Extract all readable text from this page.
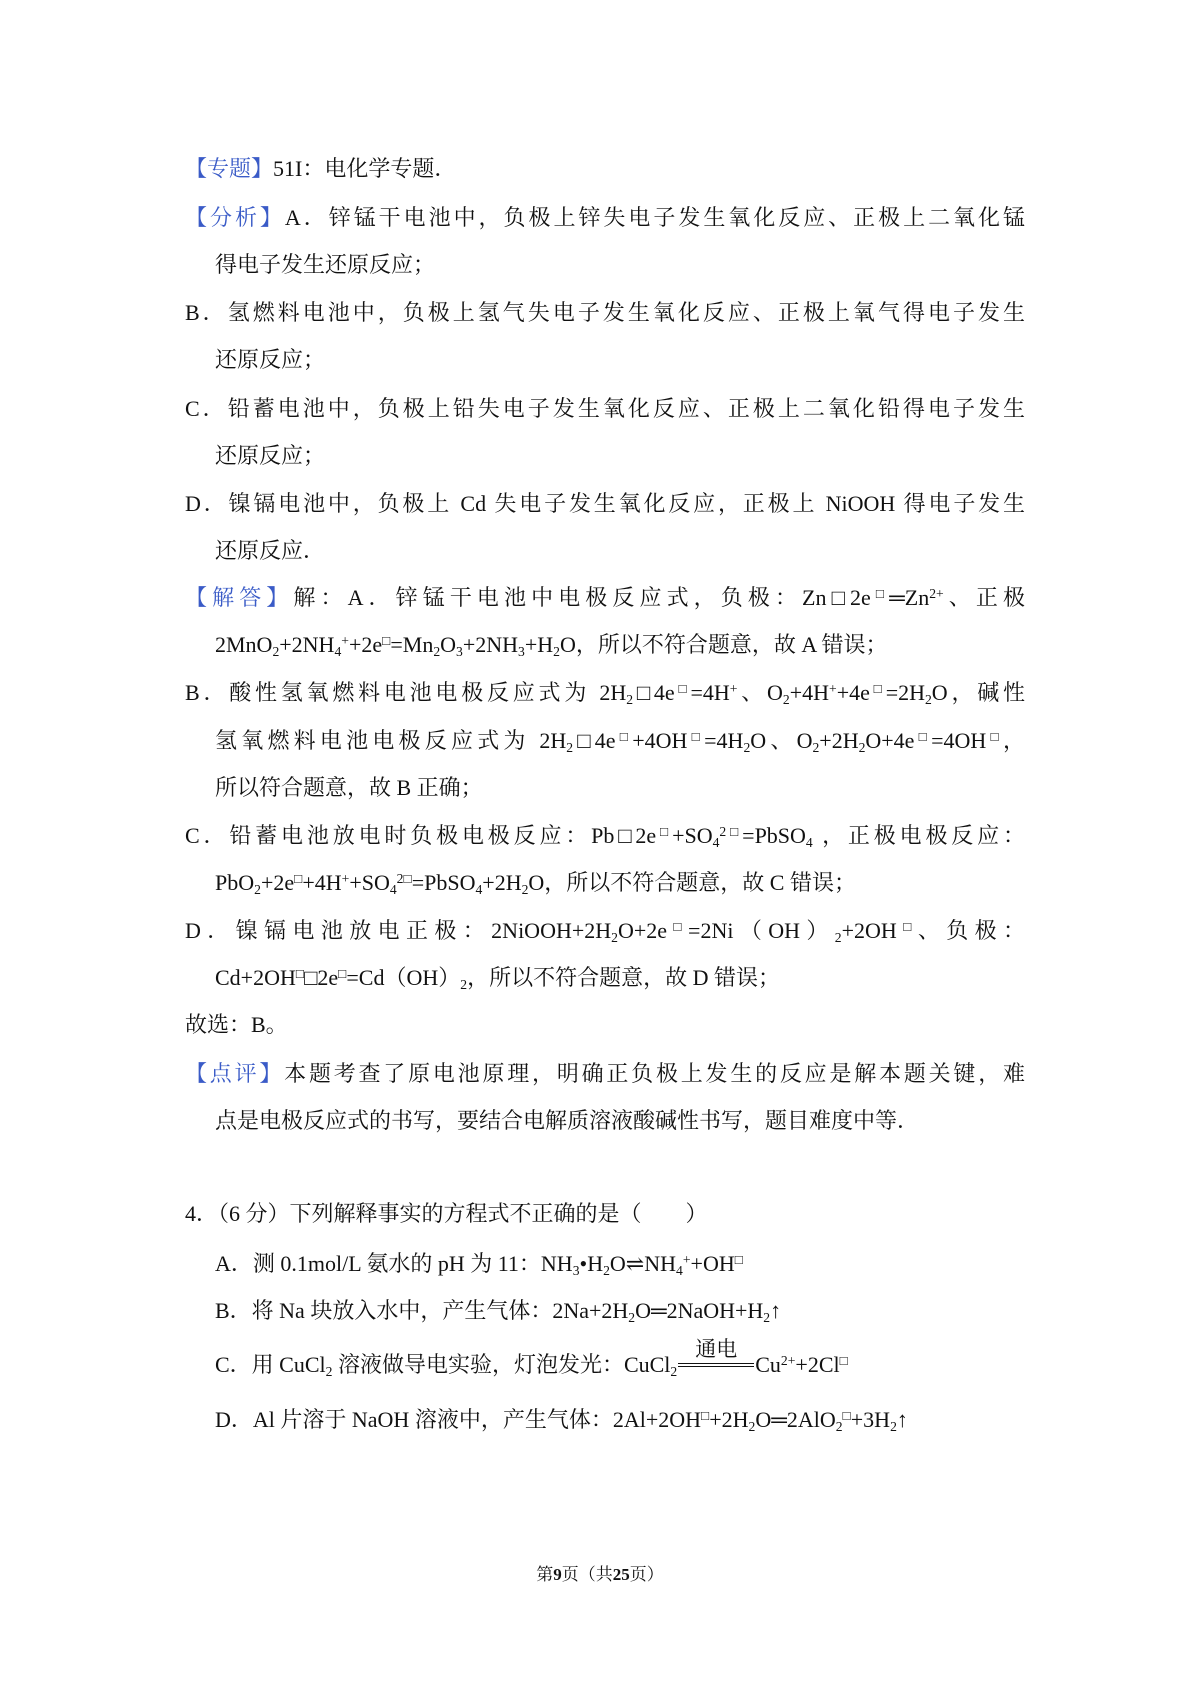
【专题】51I：电化学专题．
【分析】A．锌锰干电池中，负极上锌失电子发生氧化反应、正极上二氧化锰
得电子发生还原反应；
B．氢燃料电池中，负极上氢气失电子发生氧化反应、正极上氧气得电子发生
还原反应；
C．铅蓄电池中，负极上铅失电子发生氧化反应、正极上二氧化铅得电子发生
还原反应；
D．镍镉电池中，负极上 Cd 失电子发生氧化反应，正极上 NiOOH 得电子发生
还原反应．
【解答】解：A．锌锰干电池中电极反应式，负极：$Zn□2e^□═Zn^{2+}$、正极
$2MnO_2+2NH_4^++2e^□=Mn_2O_3+2NH_3+H_2O$，所以不符合题意，故 A 错误；
B．酸性氢氧燃料电池电极反应式为 $2H_2□4e^□=4H^+$、$O_2+4H^++4e^□=2H_2O$，碱性
氢氧燃料电池电极反应式为 $2H_2□4e^□+4OH^□=4H_2O$、$O_2+2H_2O+4e^□=4OH^□$，
所以符合题意，故 B 正确；
C．铅蓄电池放电时负极电极反应：$Pb□2e^□+SO_4^{2□}=PbSO_4$ ，正极电极反应：
$PbO_2+2e^□+4H^++SO_4^{2□}=PbSO_4+2H_2O$，所以不符合题意，故 C 错误；
D．镍镉电池放电正极：$2NiOOH+2H_2O+2e^□=2Ni(OH)_2+2OH^□$、负极：
$Cd+2OH^□□2e^□=Cd(OH)_2$，所以不符合题意，故 D 错误；
故选：B。
【点评】本题考查了原电池原理，明确正负极上发生的反应是解本题关键，难
点是电极反应式的书写，要结合电解质溶液酸碱性书写，题目难度中等．
4．（6 分）下列解释事实的方程式不正确的是（　　）
A．测 0.1mol/L 氨水的 pH 为 11：$NH_3•H_2O\rightleftharpoons NH_4^++OH^□$
B．将 Na 块放入水中，产生气体：$2Na+2H_2O═2NaOH+H_2↑$
C．用 CuCl$_2$ 溶液做导电实验，灯泡发光：CuCl$_2$
通电
$Cu^{2+}+2Cl^□$
D．Al 片溶于 NaOH 溶液中，产生气体：$2Al+2OH^□+2H_2O═2AlO_2^□+3H_2↑$
第9页（共25页）
